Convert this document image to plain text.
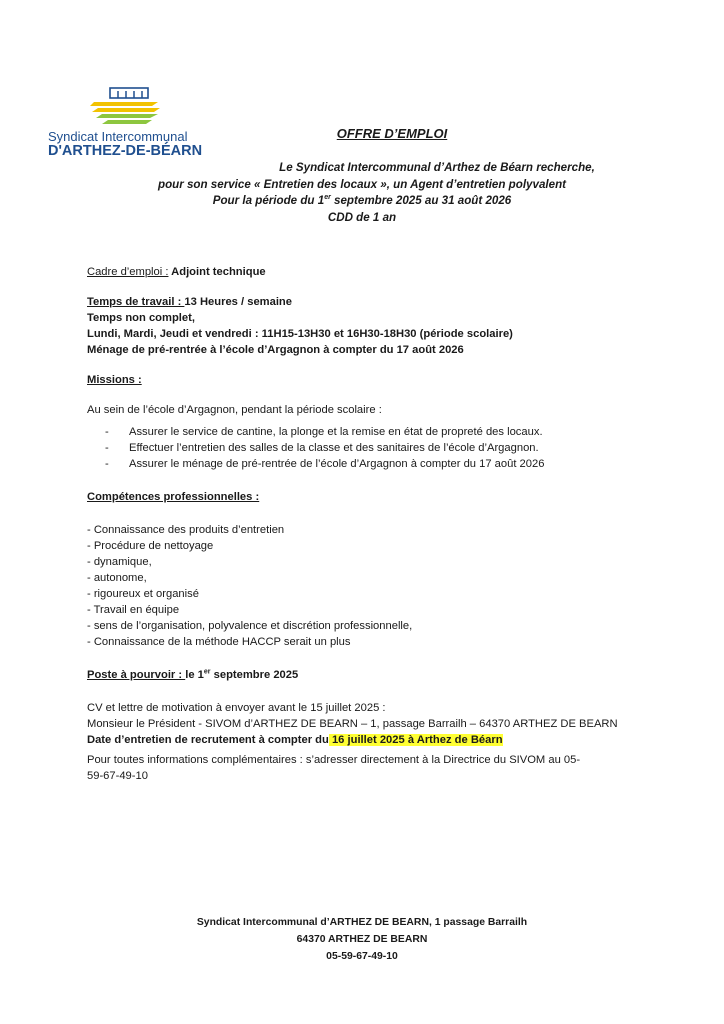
Syndicat Intercommunal
D'ARTHEZ-DE-BÉARN
OFFRE D’EMPLOI
Le Syndicat Intercommunal d’Arthez de Béarn recherche,
pour son service « Entretien des locaux », un Agent d’entretien polyvalent
Pour la période du 1er septembre 2025 au 31 août 2026
CDD de 1 an
Cadre d’emploi : Adjoint technique
Temps de travail : 13 Heures / semaine
Temps non complet,
Lundi, Mardi, Jeudi et vendredi : 11H15-13H30 et 16H30-18H30 (période scolaire)
Ménage de pré-rentrée à l’école d’Argagnon à compter du 17 août 2026
Missions :
Au sein de l’école d’Argagnon, pendant la période scolaire :
- Assurer le service de cantine, la plonge et la remise en état de propreté des locaux.
- Effectuer l’entretien des salles de la classe et des sanitaires de l’école d’Argagnon.
- Assurer le ménage de pré-rentrée de l’école d’Argagnon à compter du 17 août 2026
Compétences professionnelles :
- Connaissance des produits d’entretien
- Procédure de nettoyage
- dynamique,
- autonome,
- rigoureux et organisé
- Travail en équipe
- sens de l’organisation, polyvalence et discrétion professionnelle,
- Connaissance de la méthode HACCP serait un plus
Poste à pourvoir : le 1er septembre 2025
CV et lettre de motivation à envoyer avant le 15 juillet 2025 :
Monsieur le Président - SIVOM d’ARTHEZ DE BEARN – 1, passage Barrailh – 64370 ARTHEZ DE BEARN
Date d’entretien de recrutement à compter du 16 juillet 2025 à Arthez de Béarn
Pour toutes informations complémentaires : s’adresser directement à la Directrice du SIVOM au 05-
59-67-49-10
Syndicat Intercommunal d’ARTHEZ DE BEARN, 1 passage Barrailh
64370 ARTHEZ DE BEARN
05-59-67-49-10
